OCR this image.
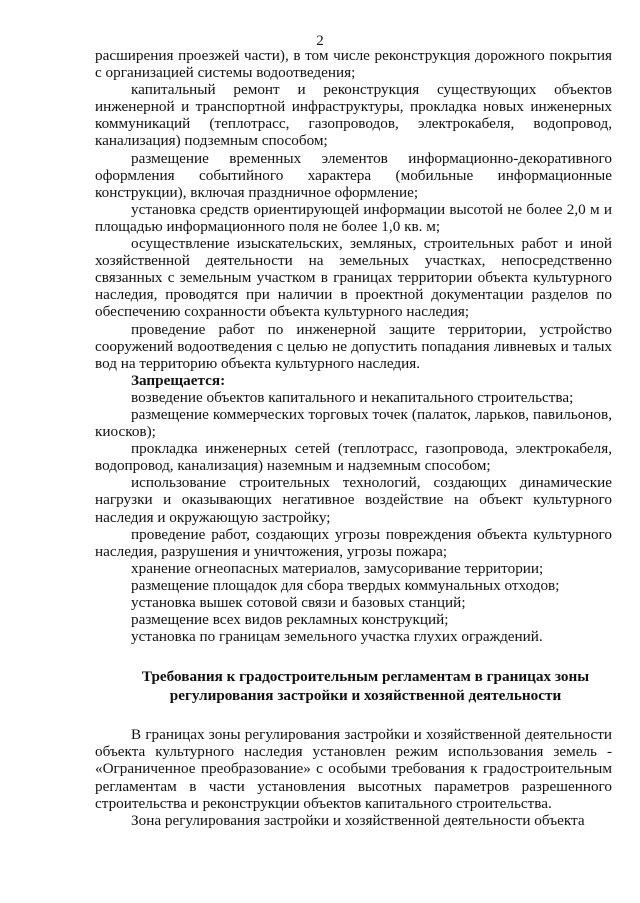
2

расширения проезжей части), в том числе реконструкция дорожного покрытия с организацией системы водоотведения;

капитальный ремонт и реконструкция существующих объектов инженерной и транспортной инфраструктуры, прокладка новых инженерных коммуникаций (теплотрасс, газопроводов, электрокабеля, водопровод, канализация) подземным способом;

размещение временных элементов информационно-декоративного оформления событийного характера (мобильные информационные конструкции), включая праздничное оформление;

установка средств ориентирующей информации высотой не более 2,0 м и площадью информационного поля не более 1,0 кв. м;

осуществление изыскательских, земляных, строительных работ и иной хозяйственной деятельности на земельных участках, непосредственно связанных с земельным участком в границах территории объекта культурного наследия, проводятся при наличии в проектной документации разделов по обеспечению сохранности объекта культурного наследия;

проведение работ по инженерной защите территории, устройство сооружений водоотведения с целью не допустить попадания ливневых и талых вод на территорию объекта культурного наследия.

Запрещается:

возведение объектов капитального и некапитального строительства;

размещение коммерческих торговых точек (палаток, ларьков, павильонов, киосков);

прокладка инженерных сетей (теплотрасс, газопровода, электрокабеля, водопровод, канализация) наземным и надземным способом;

использование строительных технологий, создающих динамические нагрузки и оказывающих негативное воздействие на объект культурного наследия и окружающую застройку;

проведение работ, создающих угрозы повреждения объекта культурного наследия, разрушения и уничтожения, угрозы пожара;

хранение огнеопасных материалов, замусоривание территории;

размещение площадок для сбора твердых коммунальных отходов;

установка вышек сотовой связи и базовых станций;

размещение всех видов рекламных конструкций;

установка по границам земельного участка глухих ограждений.

Требования к градостроительным регламентам в границах зоны регулирования застройки и хозяйственной деятельности

В границах зоны регулирования застройки и хозяйственной деятельности объекта культурного наследия установлен режим использования земель - «Ограниченное преобразование» с особыми требования к градостроительным регламентам в части установления высотных параметров разрешенного строительства и реконструкции объектов капитального строительства.

Зона регулирования застройки и хозяйственной деятельности объекта
